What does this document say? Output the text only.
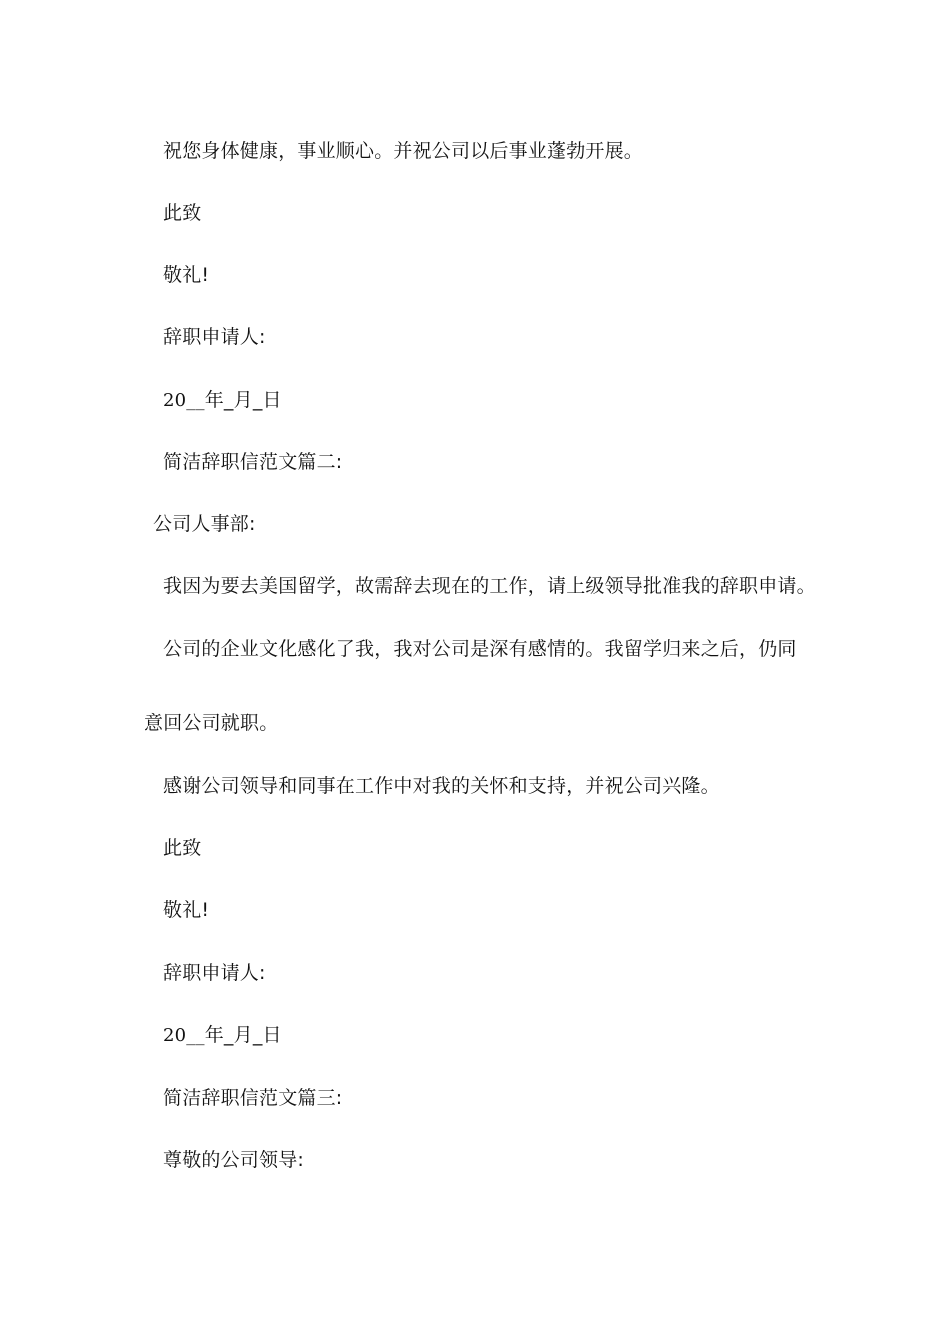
祝您身体健康，事业顺心。并祝公司以后事业蓬勃开展。
此致
敬礼!
辞职申请人:
20__年_月_日
简洁辞职信范文篇二:
公司人事部:
我因为要去美国留学，故需辞去现在的工作，请上级领导批准我的辞职申请。
公司的企业文化感化了我，我对公司是深有感情的。我留学归来之后，仍同
意回公司就职。
感谢公司领导和同事在工作中对我的关怀和支持，并祝公司兴隆。
此致
敬礼!
辞职申请人:
20__年_月_日
简洁辞职信范文篇三:
尊敬的公司领导:
